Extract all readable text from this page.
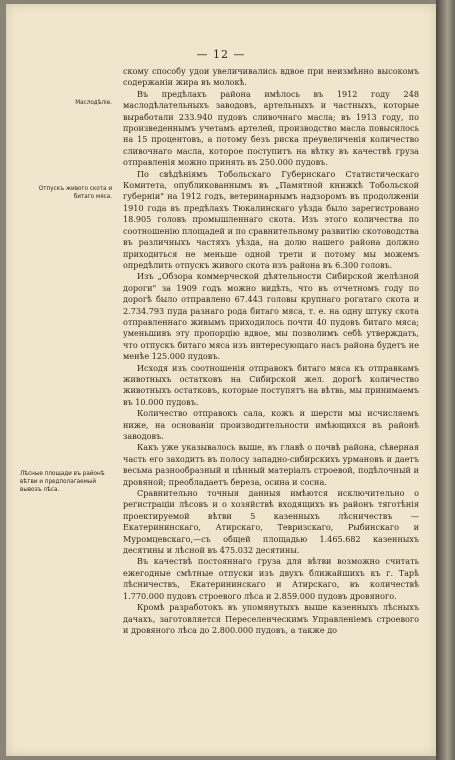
— 12 —
Маслодѣліе.
Отпускъ живого скота и битаго мяса.
Лѣсные площади въ районѣ вѣтви и предполагаемый вывозъ лѣса.

скому способу удои увеличивались вдвое при неизмѣнно высокомъ содержаніи жира въ молокѣ.

Въ предѣлахъ района имѣлось въ 1912 году 248 маслодѣлательныхъ заводовъ, артельныхъ и частныхъ, которые выработали 233.940 пудовъ сливочнаго масла; въ 1913 году, по произведеннымъ учетамъ артелей, производство масла повысилось на 15 процентовъ, а потому безъ риска преувеличенія количество сливочнаго масла, которое поступитъ на вѣтку въ качествѣ груза отправленія можно принять въ 250.000 пудовъ.

По свѣдѣніямъ Тобольскаго Губернскаго Статистическаго Комитета, опубликованнымъ въ „Памятной книжкѣ Тобольской губерніи" на 1912 годъ, ветеринарнымъ надзоромъ въ продолженіи 1910 года въ предѣлахъ Тюкалинскаго уѣзда было зарегистровано 18.905 головъ промышленнаго скота. Изъ этого количества по соотношенію площадей и по сравнительному развитію скотоводства въ различныхъ частяхъ уѣзда, на долю нашего района должно приходиться не меньше одной трети и потому мы можемъ опредѣлить отпускъ живого скота изъ района въ 6.300 головъ.

Изъ „Обзора коммерческой дѣятельности Сибирской желѣзной дороги" за 1909 годъ можно видѣть, что въ отчетномъ году по дорогѣ было отправлено 67.443 головы крупнаго рогатаго скота и 2.734.793 пуда разнаго рода битаго мяса, т. е. на одну штуку скота отправленнаго живымъ приходилось почти 40 пудовъ битаго мяса; уменьшивъ эту пропорцію вдвое, мы позволимъ себѣ утверждать, что отпускъ битаго мяса изъ интересующаго насъ района будетъ не менѣе 125.000 пудовъ.

Исходя изъ соотношенія отправокъ битаго мяса къ отправкамъ животныхъ остатковъ на Сибирской жел. дорогѣ количество животныхъ остатковъ, которые поступятъ на вѣтвь, мы принимаемъ въ 10.000 пудовъ.

Количество отправокъ сала, кожъ и шерсти мы исчисляемъ ниже, на основаніи производительности имѣющихся въ районѣ заводовъ.

Какъ уже указывалось выше, въ главѣ о почвѣ района, сѣверная часть его заходитъ въ полосу западно-сибирскихъ урмановъ и даетъ весьма разнообразный и цѣнный матеріалъ строевой, подѣлочный и дровяной; преобладаетъ береза, осина и сосна.

Сравнительно точныя данныя имѣются исключительно о регистраціи лѣсовъ и о хозяйствѣ входящихъ въ районъ тяготѣнія проектируемой вѣтви 5 казенныхъ лѣсничествъ — Екатерининскаго, Атирскаго, Тевризскаго, Рыбинскаго и Муромцевскаго,—съ общей площадью 1.465.682 казенныхъ десятины и лѣсной въ 475.032 десятины.

Въ качествѣ постояннаго груза для вѣтви возможно считать ежегодные смѣтные отпуски изъ двухъ ближайшихъ къ г. Тарѣ лѣсничествъ, Екатерининскаго и Атирскаго, въ количествѣ 1.770.000 пудовъ строевого лѣса и 2.859.000 пудовъ дровяного.

Кромѣ разработокъ въ упомянутыхъ выше казенныхъ лѣсныхъ дачахъ, заготовляется Переселенческимъ Управленіемъ строевого и дровяного лѣса до 2.800.000 пудовъ, а также до
